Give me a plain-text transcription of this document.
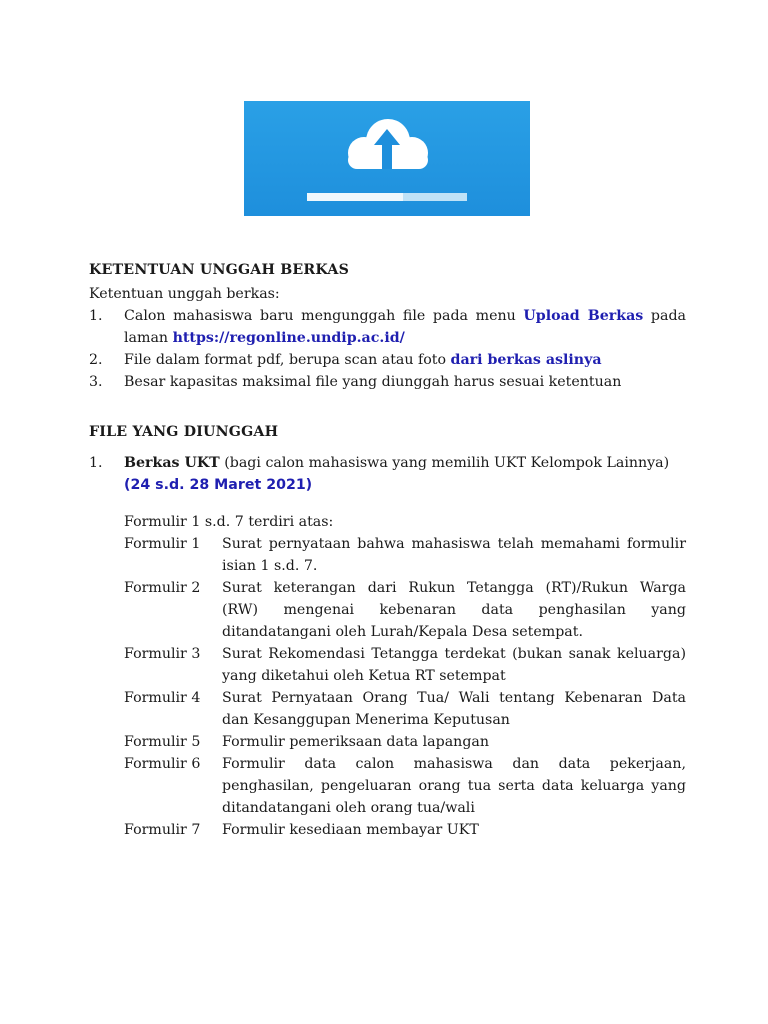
KETENTUAN UNGGAH BERKAS
Ketentuan unggah berkas:
1. Calon mahasiswa baru mengunggah file pada menu Upload Berkas pada
laman https://regonline.undip.ac.id/
2. File dalam format pdf, berupa scan atau foto dari berkas aslinya
3. Besar kapasitas maksimal file yang diunggah harus sesuai ketentuan
FILE YANG DIUNGGAH
1. Berkas UKT (bagi calon mahasiswa yang memilih UKT Kelompok Lainnya)
(24 s.d. 28 Maret 2021)
Formulir 1 s.d. 7 terdiri atas:
Formulir 1	Surat pernyataan bahwa mahasiswa telah memahami formulir
isian 1 s.d. 7.
Formulir 2	Surat keterangan dari Rukun Tetangga (RT)/Rukun Warga
(RW) mengenai kebenaran data penghasilan yang
ditandatangani oleh Lurah/Kepala Desa setempat.
Formulir 3	Surat Rekomendasi Tetangga terdekat (bukan sanak keluarga)
yang diketahui oleh Ketua RT setempat
Formulir 4	Surat Pernyataan Orang Tua/ Wali tentang Kebenaran Data
dan Kesanggupan Menerima Keputusan
Formulir 5	Formulir pemeriksaan data lapangan
Formulir 6	Formulir data calon mahasiswa dan data pekerjaan,
penghasilan, pengeluaran orang tua serta data keluarga yang
ditandatangani oleh orang tua/wali
Formulir 7	Formulir kesediaan membayar UKT
